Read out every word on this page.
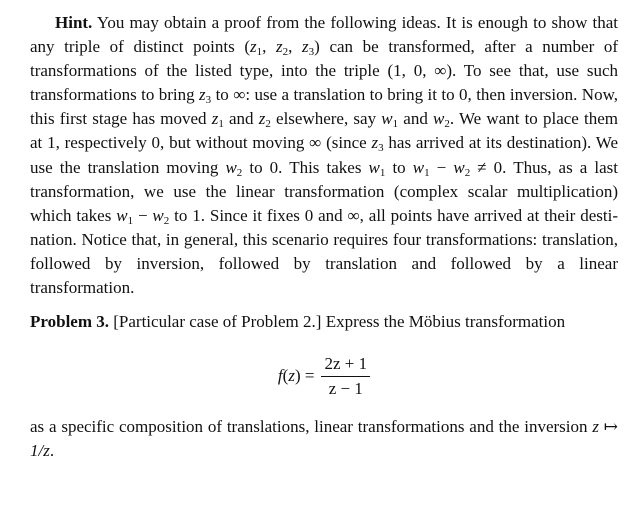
Hint. You may obtain a proof from the following ideas. It is enough to show that any triple of distinct points ($z_1$, $z_2$, $z_3$) can be transformed, after a number of transformations of the listed type, into the triple (1, 0, ∞). To see that, use such transformations to bring $z_3$ to ∞: use a translation to bring it to 0, then inversion. Now, this first stage has moved $z_1$ and $z_2$ elsewhere, say $w_1$ and $w_2$. We want to place them at 1, respectively 0, but without moving ∞ (since $z_3$ has arrived at its destination). We use the translation moving $w_2$ to 0. This takes $w_1$ to $w_1 - w_2 \ne 0$. Thus, as a last transformation, we use the linear transformation (complex scalar multiplication) which takes $w_1 - w_2$ to 1. Since it fixes 0 and ∞, all points have arrived at their destination. Notice that, in general, this scenario requires four transformations: translation, followed by inversion, followed by translation and followed by a linear transformation.

Problem 3. [Particular case of Problem 2.] Express the Möbius transformation

$f(z) = \frac{2z + 1}{z - 1}$

as a specific composition of translations, linear transformations and the inversion z ↦ 1/z.
